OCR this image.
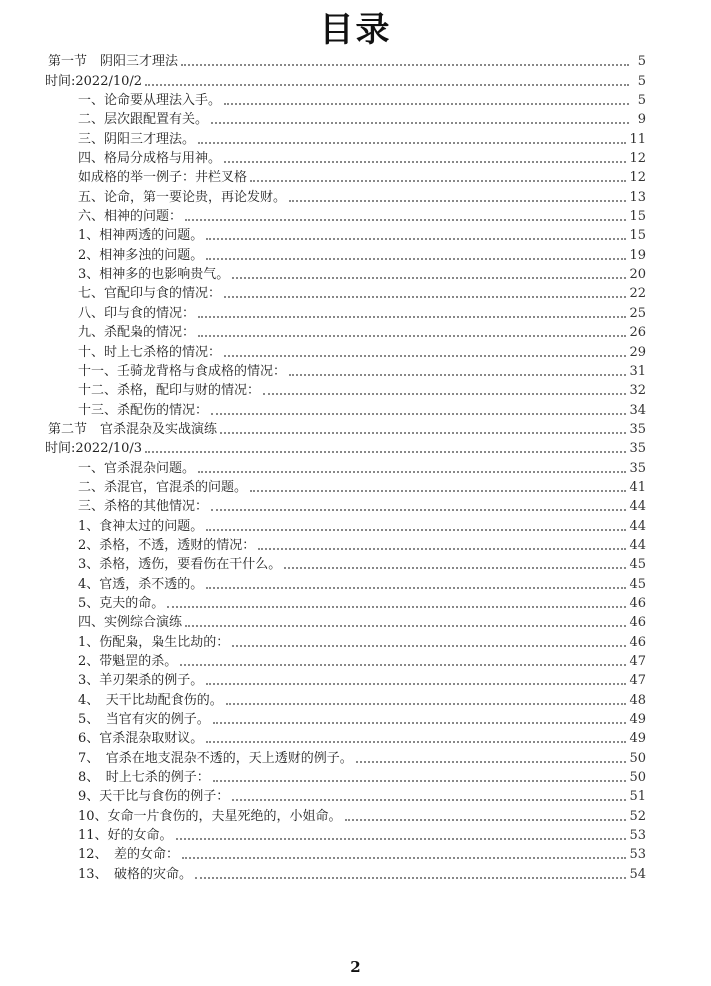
目录
第一节　阴阳三才理法	5
时间:2022/10/2	5
一、论命要从理法入手。	5
二、层次跟配置有关。	9
三、阴阳三才理法。	11
四、格局分成格与用神。	12
如成格的举一例子：井栏叉格	12
五、论命，第一要论贵，再论发财。	13
六、相神的问题：	15
1、相神两透的问题。	15
2、相神多浊的问题。	19
3、相神多的也影响贵气。	20
七、官配印与食的情况：	22
八、印与食的情况：	25
九、杀配枭的情况：	26
十、时上七杀格的情况：	29
十一、壬骑龙背格与食成格的情况：	31
十二、杀格，配印与财的情况：	32
十三、杀配伤的情况：	34
第二节　官杀混杂及实战演练	35
时间:2022/10/3	35
一、官杀混杂问题。	35
二、杀混官，官混杀的问题。	41
三、杀格的其他情况：	44
1、食神太过的问题。	44
2、杀格，不透，透财的情况：	44
3、杀格，透伤，要看伤在干什么。	45
4、官透，杀不透的。	45
5、克夫的命。	46
四、实例综合演练	46
1、伤配枭，枭生比劫的：	46
2、带魁罡的杀。	47
3、羊刃架杀的例子。	47
4、　天干比劫配食伤的。	48
5、　当官有灾的例子。	49
6、官杀混杂取财议。	49
7、　官杀在地支混杂不透的，天上透财的例子。	50
8、　时上七杀的例子：	50
9、天干比与食伤的例子：	51
10、女命一片食伤的，夫星死绝的，小姐命。	52
11、好的女命。	53
12、　差的女命：	53
13、　破格的灾命。	54
2
